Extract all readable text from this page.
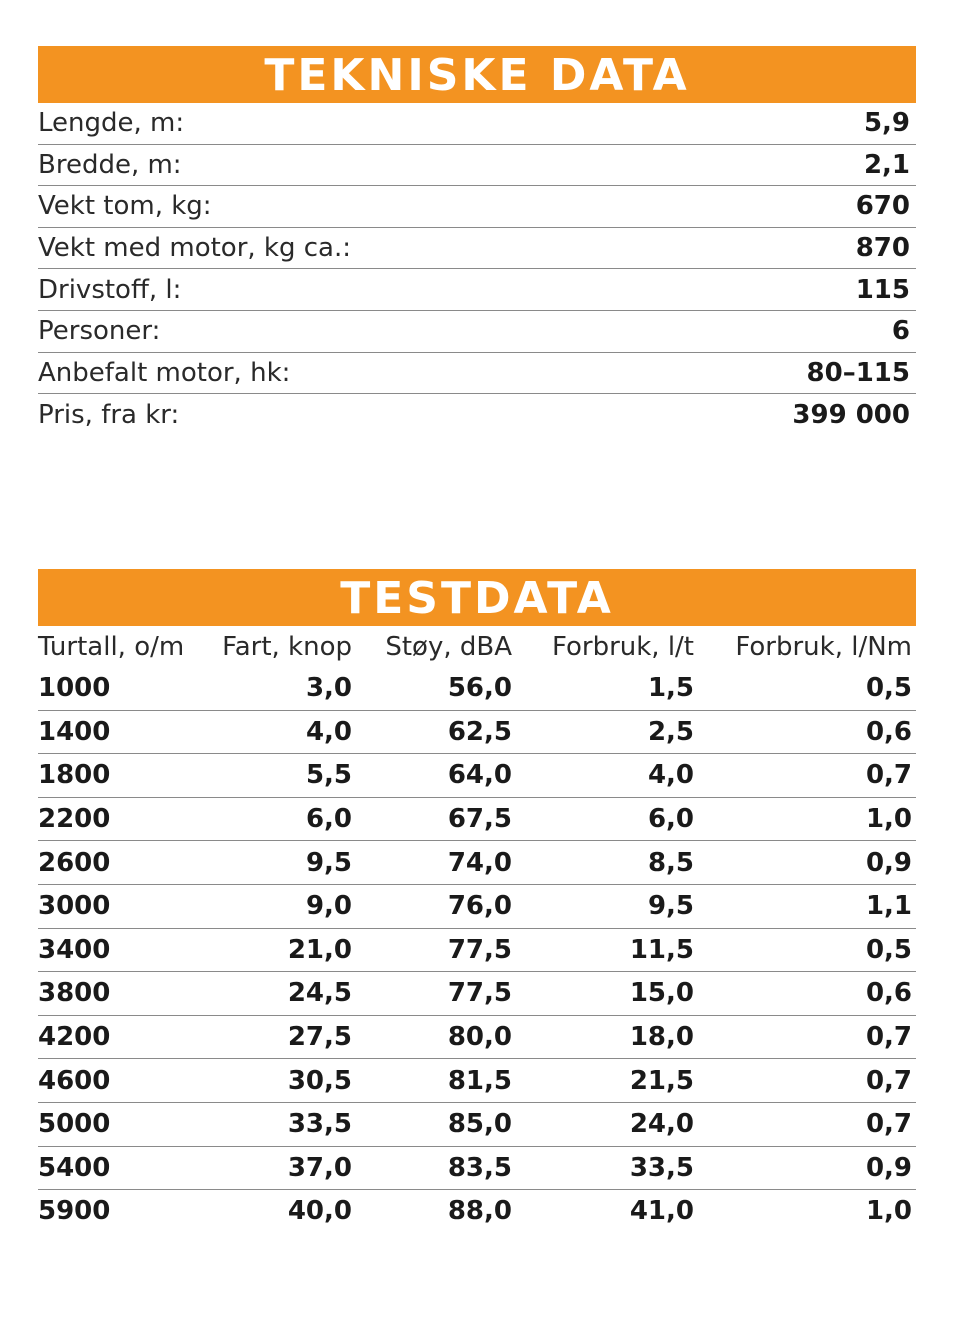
TEKNISKE DATA
Lengde, m:	5,9
Bredde, m:	2,1
Vekt tom, kg:	670
Vekt med motor, kg ca.:	870
Drivstoff, l:	115
Personer:	6
Anbefalt motor, hk:	80–115
Pris, fra kr:	399 000
TESTDATA
Turtall, o/m	Fart, knop	Støy, dBA	Forbruk, l/t	Forbruk, l/Nm
1000	3,0	56,0	1,5	0,5
1400	4,0	62,5	2,5	0,6
1800	5,5	64,0	4,0	0,7
2200	6,0	67,5	6,0	1,0
2600	9,5	74,0	8,5	0,9
3000	9,0	76,0	9,5	1,1
3400	21,0	77,5	11,5	0,5
3800	24,5	77,5	15,0	0,6
4200	27,5	80,0	18,0	0,7
4600	30,5	81,5	21,5	0,7
5000	33,5	85,0	24,0	0,7
5400	37,0	83,5	33,5	0,9
5900	40,0	88,0	41,0	1,0
